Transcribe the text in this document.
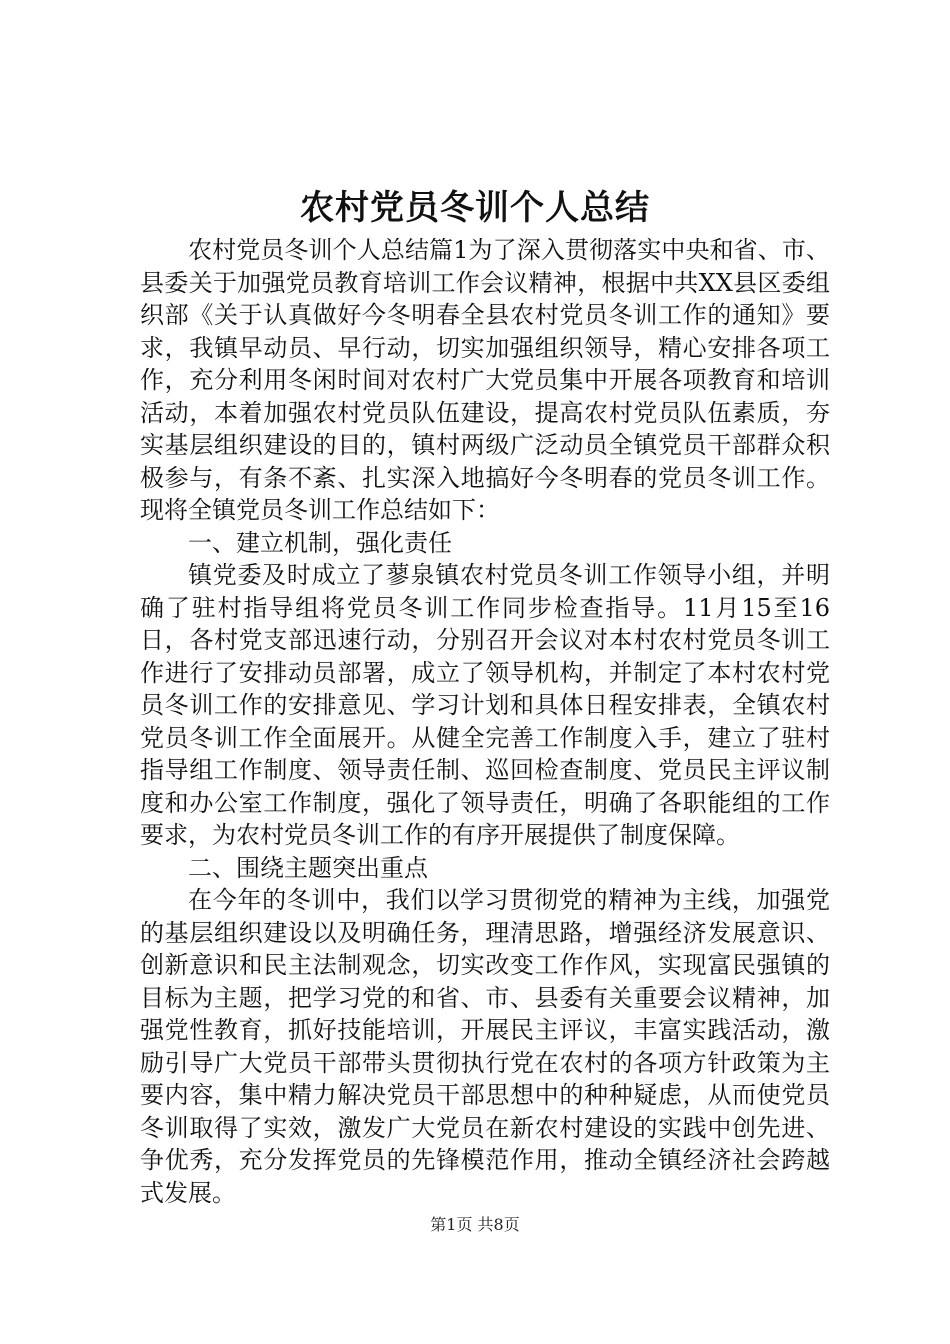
农村党员冬训个人总结

农村党员冬训个人总结篇1为了深入贯彻落实中央和省、市、县委关于加强党员教育培训工作会议精神，根据中共XX县区委组织部《关于认真做好今冬明春全县农村党员冬训工作的通知》要求，我镇早动员、早行动，切实加强组织领导，精心安排各项工作，充分利用冬闲时间对农村广大党员集中开展各项教育和培训活动，本着加强农村党员队伍建设，提高农村党员队伍素质，夯实基层组织建设的目的，镇村两级广泛动员全镇党员干部群众积极参与，有条不紊、扎实深入地搞好今冬明春的党员冬训工作。现将全镇党员冬训工作总结如下：

一、建立机制，强化责任

镇党委及时成立了蓼泉镇农村党员冬训工作领导小组，并明确了驻村指导组将党员冬训工作同步检查指导。11月15至16日，各村党支部迅速行动，分别召开会议对本村农村党员冬训工作进行了安排动员部署，成立了领导机构，并制定了本村农村党员冬训工作的安排意见、学习计划和具体日程安排表，全镇农村党员冬训工作全面展开。从健全完善工作制度入手，建立了驻村指导组工作制度、领导责任制、巡回检查制度、党员民主评议制度和办公室工作制度，强化了领导责任，明确了各职能组的工作要求，为农村党员冬训工作的有序开展提供了制度保障。

二、围绕主题突出重点

在今年的冬训中，我们以学习贯彻党的精神为主线，加强党的基层组织建设以及明确任务，理清思路，增强经济发展意识、创新意识和民主法制观念，切实改变工作作风，实现富民强镇的目标为主题，把学习党的和省、市、县委有关重要会议精神，加强党性教育，抓好技能培训，开展民主评议，丰富实践活动，激励引导广大党员干部带头贯彻执行党在农村的各项方针政策为主要内容，集中精力解决党员干部思想中的种种疑虑，从而使党员冬训取得了实效，激发广大党员在新农村建设的实践中创先进、争优秀，充分发挥党员的先锋模范作用，推动全镇经济社会跨越式发展。

第1页 共8页
